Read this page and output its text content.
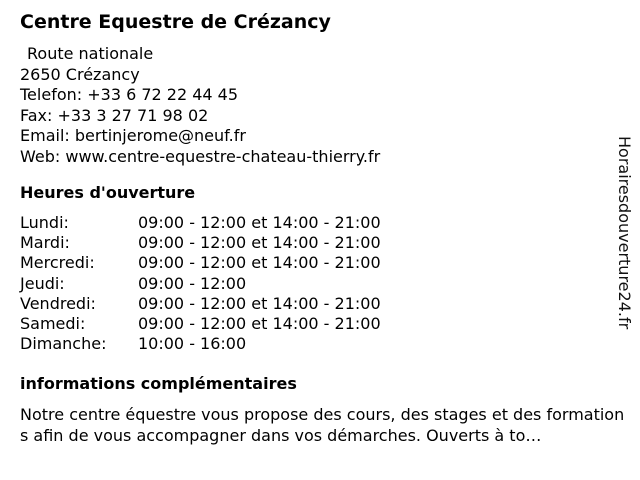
Centre Equestre de Crézancy
Route nationale
2650 Crézancy
Telefon: +33 6 72 22 44 45
Fax: +33 3 27 71 98 02
Email: bertinjerome@neuf.fr
Web: www.centre-equestre-chateau-thierry.fr
Heures d'ouverture
Lundi:	09:00 - 12:00 et 14:00 - 21:00
Mardi:	09:00 - 12:00 et 14:00 - 21:00
Mercredi:	09:00 - 12:00 et 14:00 - 21:00
Jeudi:	09:00 - 12:00
Vendredi:	09:00 - 12:00 et 14:00 - 21:00
Samedi:	09:00 - 12:00 et 14:00 - 21:00
Dimanche:	10:00 - 16:00
informations complémentaires
Notre centre équestre vous propose des cours, des stages et des formations afin de vous accompagner dans vos démarches. Ouverts à to…
Horairesdouverture24.fr
